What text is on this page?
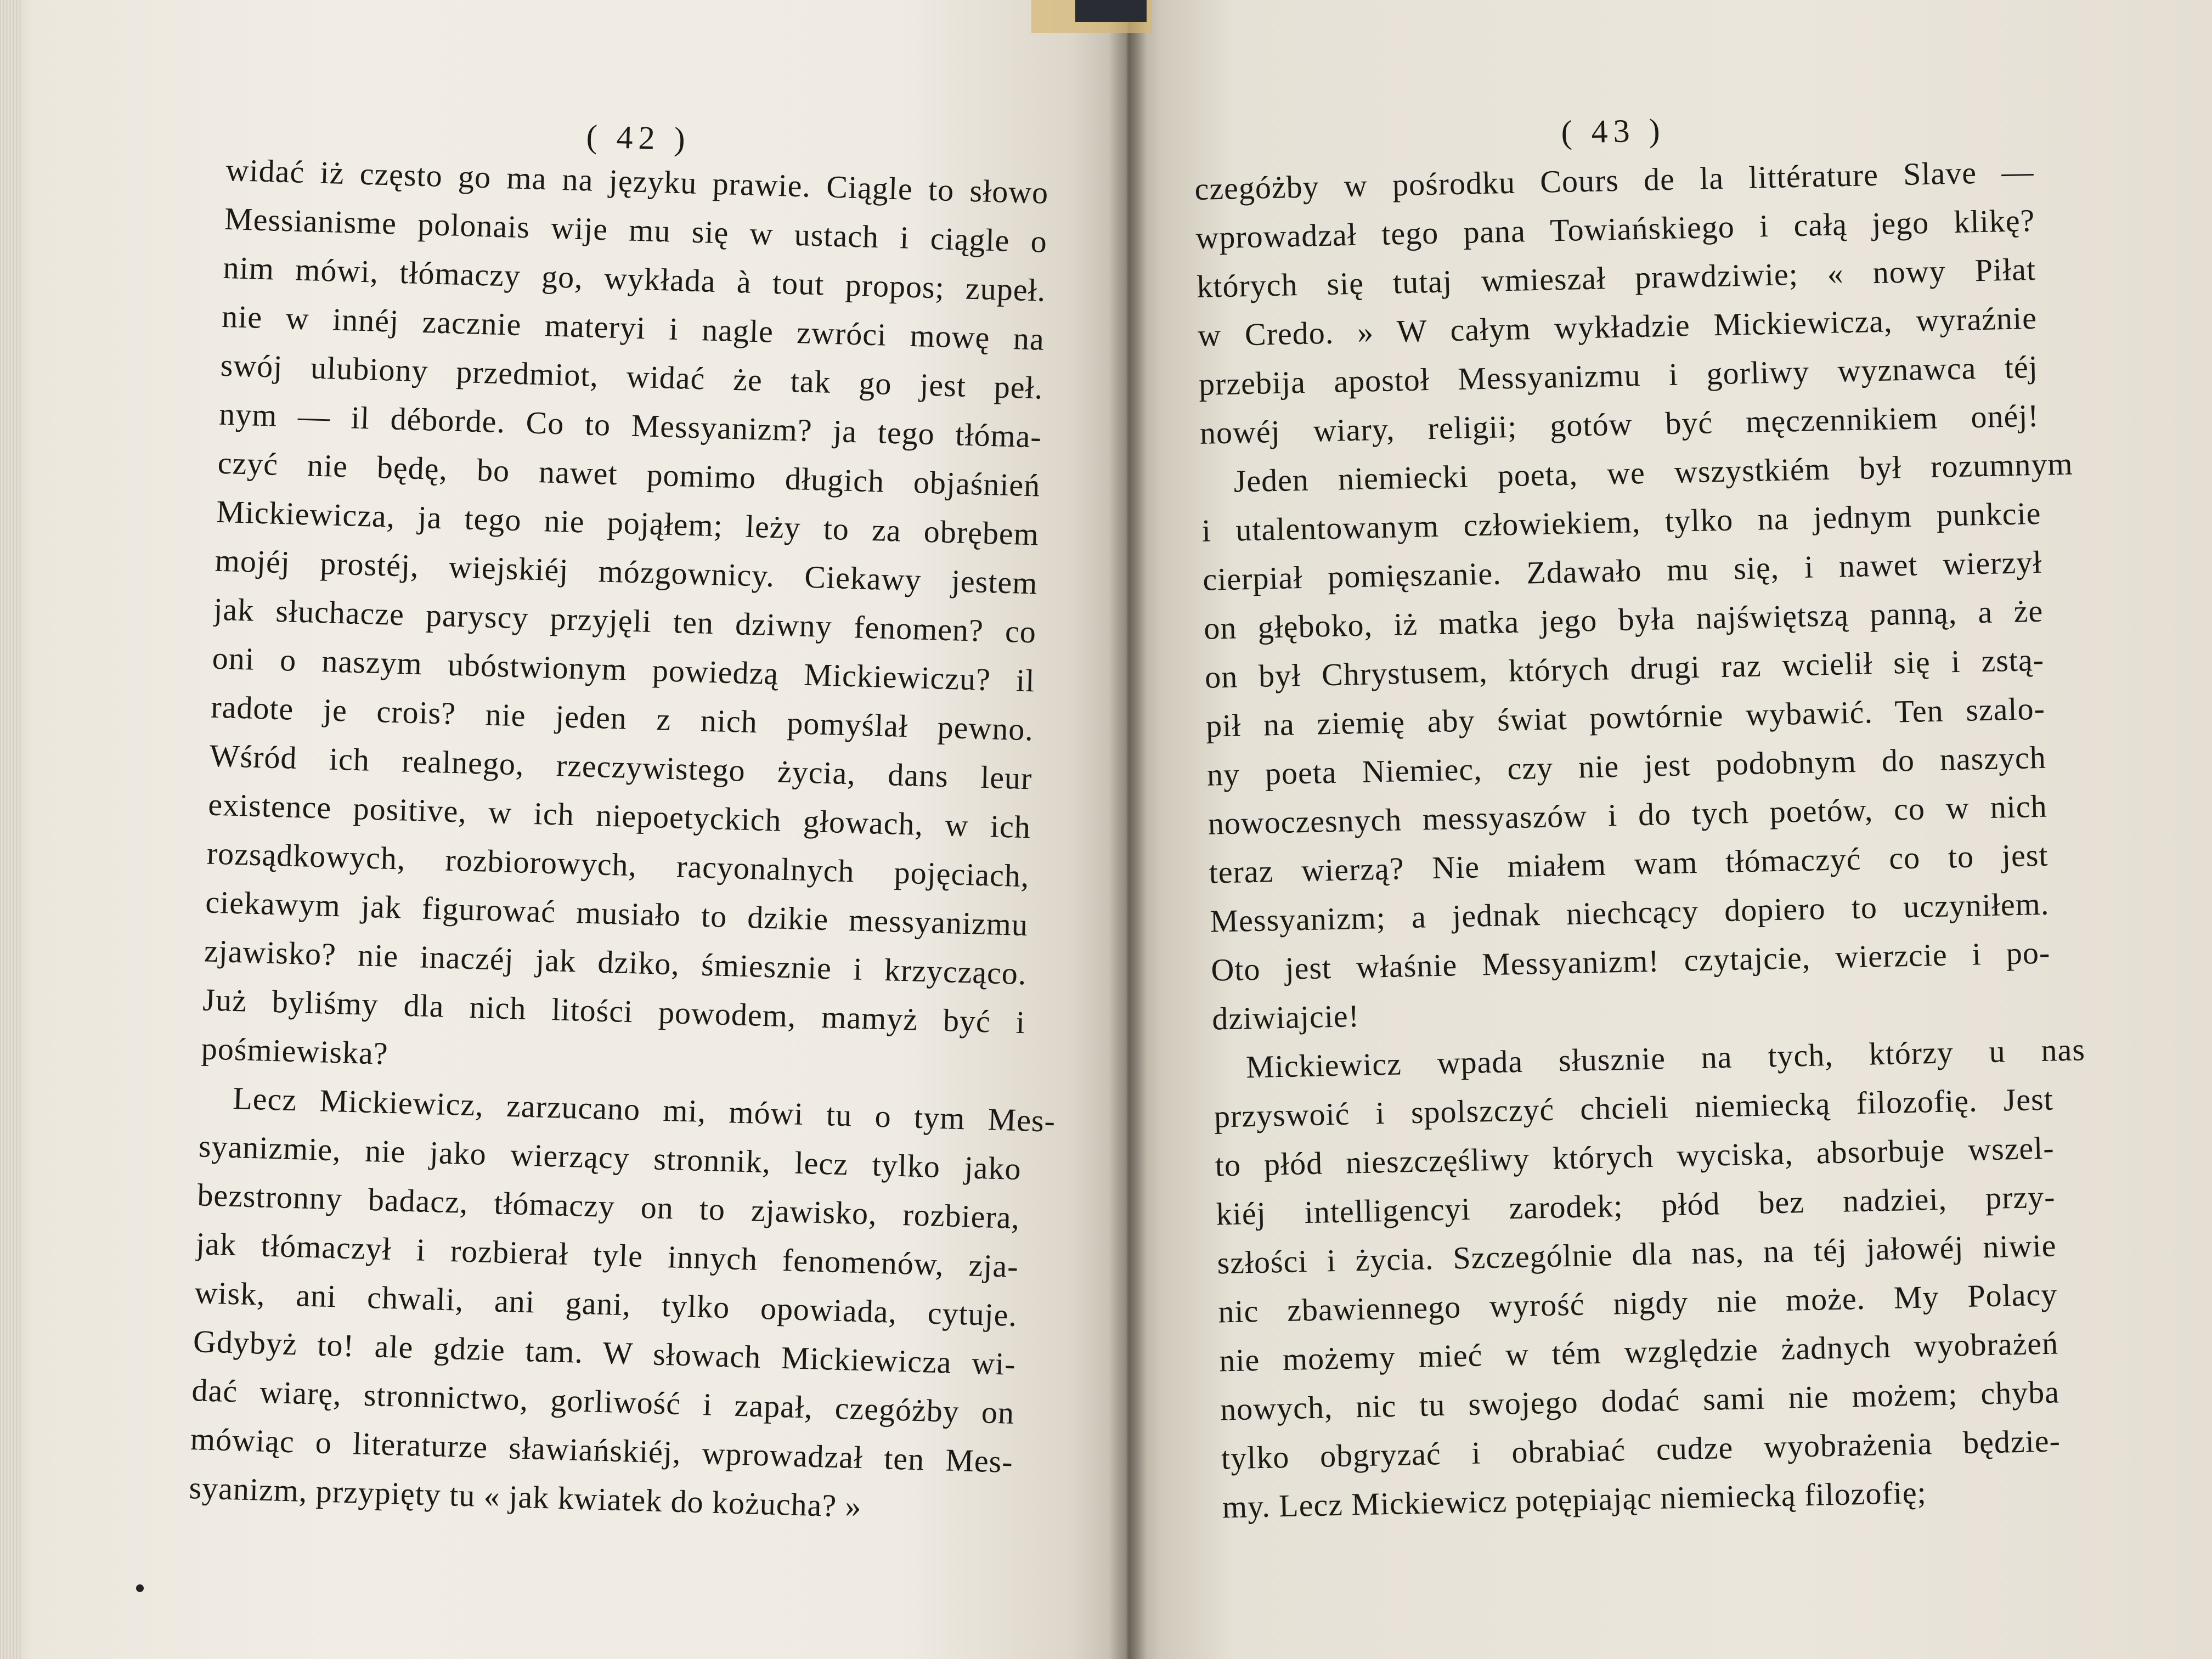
( 42 )
widać iż często go ma na języku prawie. Ciągle to słowo
Messianisme polonais wije mu się w ustach i ciągle o
nim mówi, tłómaczy go, wykłada à tout propos; zupeł.
nie w innéj zacznie materyi i nagle zwróci mowę na
swój ulubiony przedmiot, widać że tak go jest peł.
nym — il déborde. Co to Messyanizm? ja tego tłóma-
czyć nie będę, bo nawet pomimo długich objaśnień
Mickiewicza, ja tego nie pojąłem; leży to za obrębem
mojéj prostéj, wiejskiéj mózgownicy. Ciekawy jestem
jak słuchacze paryscy przyjęli ten dziwny fenomen? co
oni o naszym ubóstwionym powiedzą Mickiewiczu? il
radote je crois? nie jeden z nich pomyślał pewno.
Wśród ich realnego, rzeczywistego życia, dans leur
existence positive, w ich niepoetyckich głowach, w ich
rozsądkowych, rozbiorowych, racyonalnych pojęciach,
ciekawym jak figurować musiało to dzikie messyanizmu
zjawisko? nie inaczéj jak dziko, śmiesznie i krzycząco.
Już byliśmy dla nich litości powodem, mamyż być i
pośmiewiska?
Lecz Mickiewicz, zarzucano mi, mówi tu o tym Mes-
syanizmie, nie jako wierzący stronnik, lecz tylko jako
bezstronny badacz, tłómaczy on to zjawisko, rozbiera,
jak tłómaczył i rozbierał tyle innych fenomenów, zja-
wisk, ani chwali, ani gani, tylko opowiada, cytuje.
Gdybyż to! ale gdzie tam. W słowach Mickiewicza wi-
dać wiarę, stronnictwo, gorliwość i zapał, czegóżby on
mówiąc o literaturze sławiańskiéj, wprowadzał ten Mes-
syanizm, przypięty tu « jak kwiatek do kożucha? »
( 43 )
czegóżby w pośrodku Cours de la littérature Slave —
wprowadzał tego pana Towiańskiego i całą jego klikę?
których się tutaj wmieszał prawdziwie; « nowy Piłat
w Credo. » W całym wykładzie Mickiewicza, wyraźnie
przebija apostoł Messyanizmu i gorliwy wyznawca téj
nowéj wiary, religii; gotów być męczennikiem onéj!
Jeden niemiecki poeta, we wszystkiém był rozumnym
i utalentowanym człowiekiem, tylko na jednym punkcie
cierpiał pomięszanie. Zdawało mu się, i nawet wierzył
on głęboko, iż matka jego była najświętszą panną, a że
on był Chrystusem, których drugi raz wcielił się i zstą-
pił na ziemię aby świat powtórnie wybawić. Ten szalo-
ny poeta Niemiec, czy nie jest podobnym do naszych
nowoczesnych messyaszów i do tych poetów, co w nich
teraz wierzą? Nie miałem wam tłómaczyć co to jest
Messyanizm; a jednak niechcący dopiero to uczyniłem.
Oto jest właśnie Messyanizm! czytajcie, wierzcie i po-
dziwiajcie!
Mickiewicz wpada słusznie na tych, którzy u nas
przyswoić i spolszczyć chcieli niemiecką filozofię. Jest
to płód nieszczęśliwy których wyciska, absorbuje wszel-
kiéj intelligencyi zarodek; płód bez nadziei, przy-
szłości i życia. Szczególnie dla nas, na téj jałowéj niwie
nic zbawiennego wyrość nigdy nie może. My Polacy
nie możemy mieć w tém względzie żadnych wyobrażeń
nowych, nic tu swojego dodać sami nie możem; chyba
tylko obgryzać i obrabiać cudze wyobrażenia będzie-
my. Lecz Mickiewicz potępiając niemiecką filozofię;
